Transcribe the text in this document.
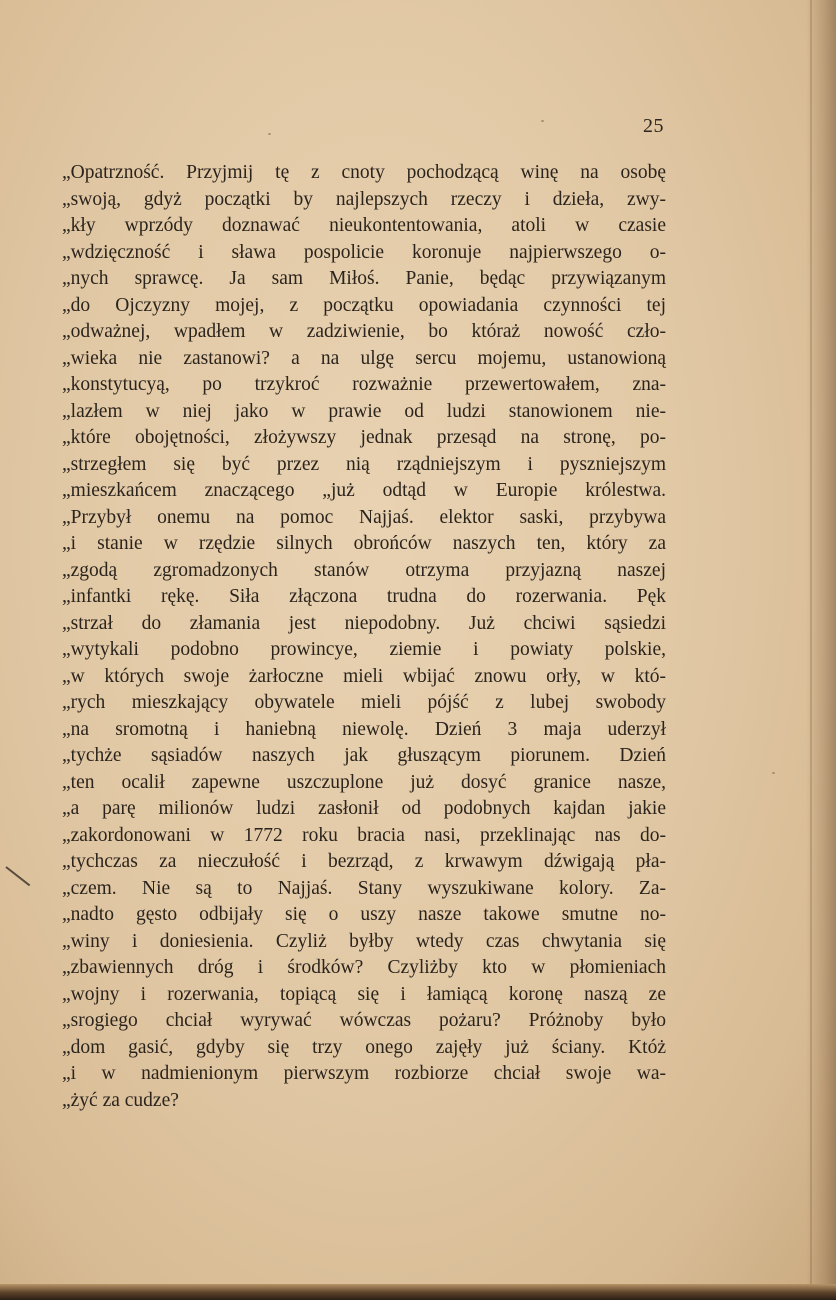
25
„Opatrzność. Przyjmij tę z cnoty pochodzącą winę na osobę
„swoją, gdyż początki by najlepszych rzeczy i dzieła, zwy-
„kły wprzódy doznawać nieukontentowania, atoli w czasie
„wdzięczność i sława pospolicie koronuje najpierwszego o-
„nych sprawcę. Ja sam Miłoś. Panie, będąc przywiązanym
„do Ojczyzny mojej, z początku opowiadania czynności tej
„odważnej, wpadłem w zadziwienie, bo któraż nowość czło-
„wieka nie zastanowi? a na ulgę sercu mojemu, ustanowioną
„konstytucyą, po trzykroć rozważnie przewertowałem, zna-
„lazłem w niej jako w prawie od ludzi stanowionem nie-
„które obojętności, złożywszy jednak przesąd na stronę, po-
„strzegłem się być przez nią rządniejszym i pyszniejszym
„mieszkańcem znaczącego „już odtąd w Europie królestwa.
„Przybył onemu na pomoc Najjaś. elektor saski, przybywa
„i stanie w rzędzie silnych obrońców naszych ten, który za
„zgodą zgromadzonych stanów otrzyma przyjazną naszej
„infantki rękę. Siła złączona trudna do rozerwania. Pęk
„strzał do złamania jest niepodobny. Już chciwi sąsiedzi
„wytykali podobno prowincye, ziemie i powiaty polskie,
„w których swoje żarłoczne mieli wbijać znowu orły, w któ-
„rych mieszkający obywatele mieli pójść z lubej swobody
„na sromotną i haniebną niewolę. Dzień 3 maja uderzył
„tychże sąsiadów naszych jak głuszącym piorunem. Dzień
„ten ocalił zapewne uszczuplone już dosyć granice nasze,
„a parę milionów ludzi zasłonił od podobnych kajdan jakie
„zakordonowani w 1772 roku bracia nasi, przeklinając nas do-
„tychczas za nieczułość i bezrząd, z krwawym dźwigają pła-
„czem. Nie są to Najjaś. Stany wyszukiwane kolory. Za-
„nadto gęsto odbijały się o uszy nasze takowe smutne no-
„winy i doniesienia. Czyliż byłby wtedy czas chwytania się
„zbawiennych dróg i środków? Czyliżby kto w płomieniach
„wojny i rozerwania, topiącą się i łamiącą koronę naszą ze
„srogiego chciał wyrywać wówczas pożaru? Próżnoby było
„dom gasić, gdyby się trzy onego zajęły już ściany. Któż
„i w nadmienionym pierwszym rozbiorze chciał swoje wa-
„żyć za cudze?
